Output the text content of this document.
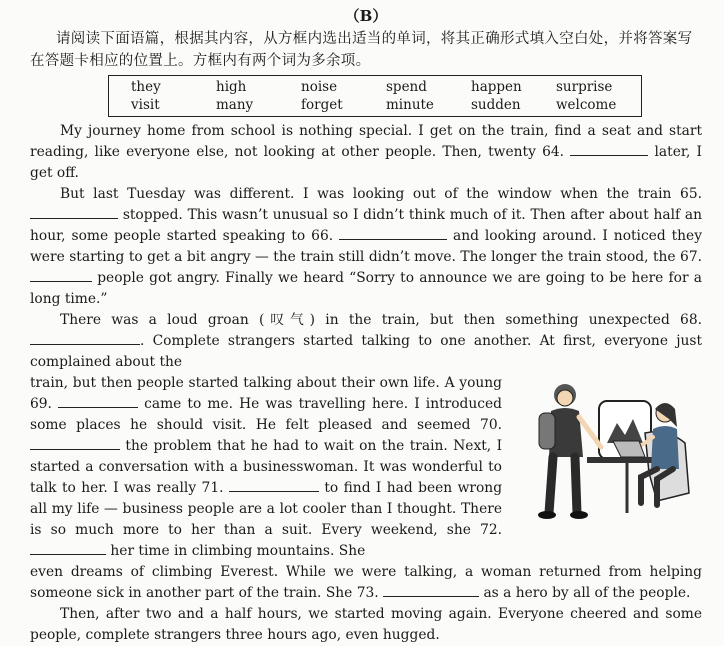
（B）

请阅读下面语篇，根据其内容，从方框内选出适当的单词，将其正确形式填入空白处，并将答案写在答题卡相应的位置上。方框内有两个词为多余项。

they	high	noise	spend	happen	surprise
visit	many	forget	minute	sudden	welcome

My journey home from school is nothing special. I get on the train, find a seat and start reading, like everyone else, not looking at other people. Then, twenty 64.	later, I get off.

But last Tuesday was different. I was looking out of the window when the train 65.  stopped. This wasn’t unusual so I didn’t think much of it. Then after about half an hour, some people started speaking to 66.	and looking around. I noticed they were starting to get a bit angry — the train still didn’t move. The longer the train stood, the 67.  people got angry. Finally we heard “Sorry to announce we are going to be here for a long time.”

There was a loud groan (叹气) in the train, but then something unexpected 68. . Complete strangers started talking to one another. At first, everyone just complained about the

train, but then people started talking about their own life. A young 69.	came to me. He was travelling here. I introduced some places he should visit. He felt pleased and seemed 70.  the problem that he had to wait on the train. Next, I started a conversation with a businesswoman. It was wonderful to talk to her. I was really 71.	to find I had been wrong all my life — business people are a lot cooler than I thought. There is so much more to her than a suit. Every weekend, she 72.  her time in climbing mountains. She

even dreams of climbing Everest. While we were talking, a woman returned from helping someone sick in another part of the train. She 73.	as a hero by all of the people.

Then, after two and a half hours, we started moving again. Everyone cheered and some people, complete strangers three hours ago, even hugged.
